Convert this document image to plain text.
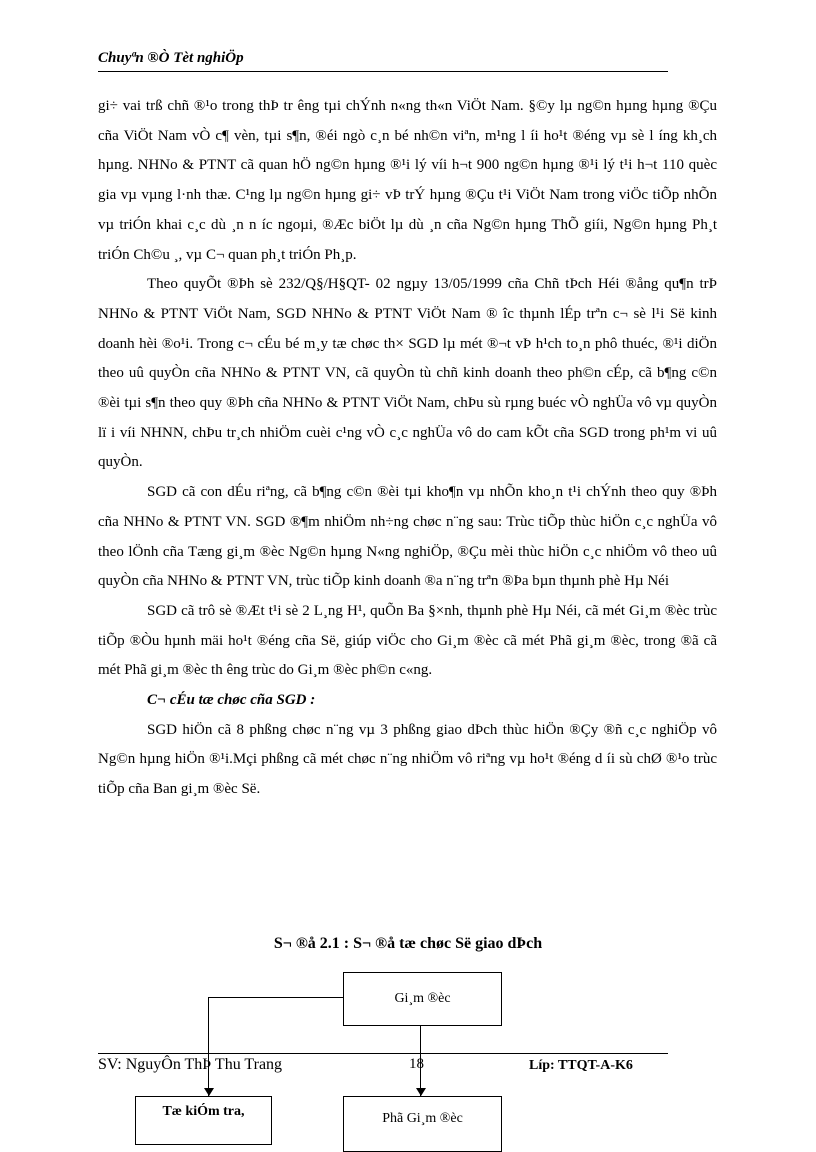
Chuyªn ®Ò Tèt nghiÖp

gi÷ vai trß chñ ®¹o trong thÞ tr êng tµi chÝnh n«ng th«n ViÖt Nam. §©y lµ ng©n hµng hµng ®Çu cña ViÖt Nam vÒ c¶ vèn, tµi s¶n, ®éi ngò c¸n bé nh©n viªn, m¹ng l íi ho¹t ®éng vµ sè l íng kh¸ch hµng. NHNo & PTNT cã quan hÖ ng©n hµng ®¹i lý víi h¬t 900 ng©n hµng ®¹i lý t¹i h¬t 110 quèc gia vµ vµng l·nh thæ. C¹ng lµ ng©n hµng gi÷ vÞ trÝ hµng ®Çu t¹i ViÖt Nam trong viÖc tiÕp nhÕn vµ triÓn khai c¸c dù ¸n n íc ngoµi, ®Æc biÖt lµ dù ¸n cña Ng©n hµng ThÕ giíi, Ng©n hµng Ph¸t triÓn Ch©u ¸, vµ C¬ quan ph¸t triÓn Ph¸p.

Theo quyÕt ®Þh sè 232/Q§/H§QT- 02 ngµy 13/05/1999 cña Chñ tÞch Héi ®ång qu¶n trÞ NHNo & PTNT ViÖt Nam, SGD NHNo & PTNT ViÖt Nam ® îc thµnh lÉp trªn c¬ sè l¹i Së kinh doanh hèi ®o¹i. Trong c¬ cÉu bé m¸y tæ chøc th× SGD lµ mét ®¬t vÞ h¹ch to¸n phô thuéc, ®¹i diÖn theo uû quyÒn cña NHNo & PTNT VN, cã quyÒn tù chñ kinh doanh theo ph©n cÉp, cã b¶ng c©n ®èi tµi s¶n theo quy ®Þh cña NHNo & PTNT ViÖt Nam, chÞu sù rµng buéc vÒ nghÜa vô vµ quyÒn lï i víi NHNN, chÞu tr¸ch nhiÖm cuèi c¹ng vÒ c¸c nghÜa vô do cam kÕt cña SGD trong ph¹m vi uû quyÒn.

SGD cã con dÉu riªng, cã b¶ng c©n ®èi tµi kho¶n vµ nhÕn kho¸n t¹i chÝnh theo quy ®Þh cña NHNo & PTNT VN. SGD ®¶m nhiÖm nh÷ng chøc n¨ng sau: Trùc tiÕp thùc hiÖn c¸c nghÜa vô theo lÖnh cña Tæng gi¸m ®èc Ng©n hµng N«ng nghiÖp, ®Çu mèi thùc hiÖn c¸c nhiÖm vô theo uû quyÒn cña NHNo & PTNT VN, trùc tiÕp kinh doanh ®a n¨ng trªn ®Þa bµn thµnh phè Hµ Néi

SGD cã trô sè ®Æt t¹i sè 2 L¸ng H¹, quÕn Ba §×nh, thµnh phè Hµ Néi, cã mét Gi¸m ®èc trùc tiÕp ®Òu hµnh mäi ho¹t ®éng cña Së, giúp viÖc cho Gi¸m ®èc cã mét Phã gi¸m ®èc, trong ®ã cã mét Phã gi¸m ®èc th êng trùc do Gi¸m ®èc ph©n c«ng.

C¬ cÉu tæ chøc cña SGD :

SGD hiÖn cã 8 phßng chøc n¨ng vµ 3 phßng giao dÞch thùc hiÖn ®Çy ®ñ c¸c nghiÖp vô Ng©n hµng hiÖn ®¹i.Mçi phßng cã mét chøc n¨ng nhiÖm vô riªng vµ ho¹t ®éng d íi sù chØ ®¹o trùc tiÕp cña Ban gi¸m ®èc Së.

S¬ ®å 2.1 : S¬ ®å tæ chøc Së giao dÞch
Gi¸m ®èc
Phã Gi¸m ®èc
Tæ kiÓm tra,
SV: NguyÔn ThÞ Thu Trang	18	Líp: TTQT-A-K6
